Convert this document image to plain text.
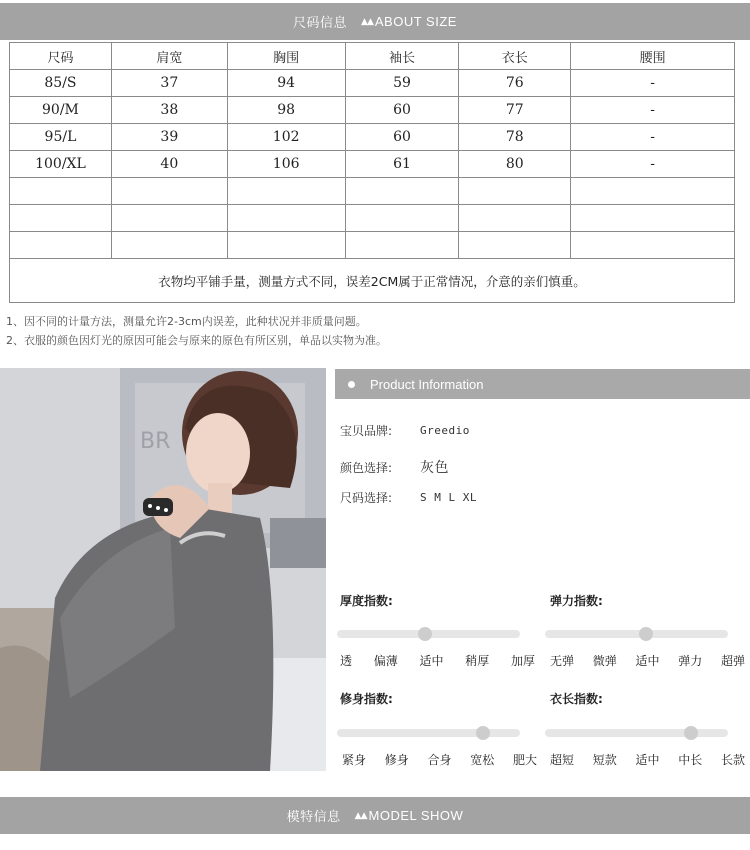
尺码信息 ▲▲ ABOUT SIZE
尺码	肩宽	胸围	袖长	衣长	腰围
85/S	37	94	59	76	-
90/M	38	98	60	77	-
95/L	39	102	60	78	-
100/XL	40	106	61	80	-

衣物均平铺手量，测量方式不同，误差2CM属于正常情况，介意的亲们慎重。					
1、因不同的计量方法，测量允许2-3cm内误差，此种状况并非质量问题。
2、衣服的颜色因灯光的原因可能会与原来的原色有所区别，单品以实物为准。
BR
Product Information
宝贝品牌:	Greedio
颜色选择:	灰色
尺码选择:	S M L XL
厚度指数:
透 偏薄 适中 稍厚 加厚
弹力指数:
无弹 微弹 适中 弹力 超弹
修身指数:
紧身 修身 合身 宽松 肥大
衣长指数:
超短 短款 适中 中长 长款
模特信息 ▲▲ MODEL SHOW
